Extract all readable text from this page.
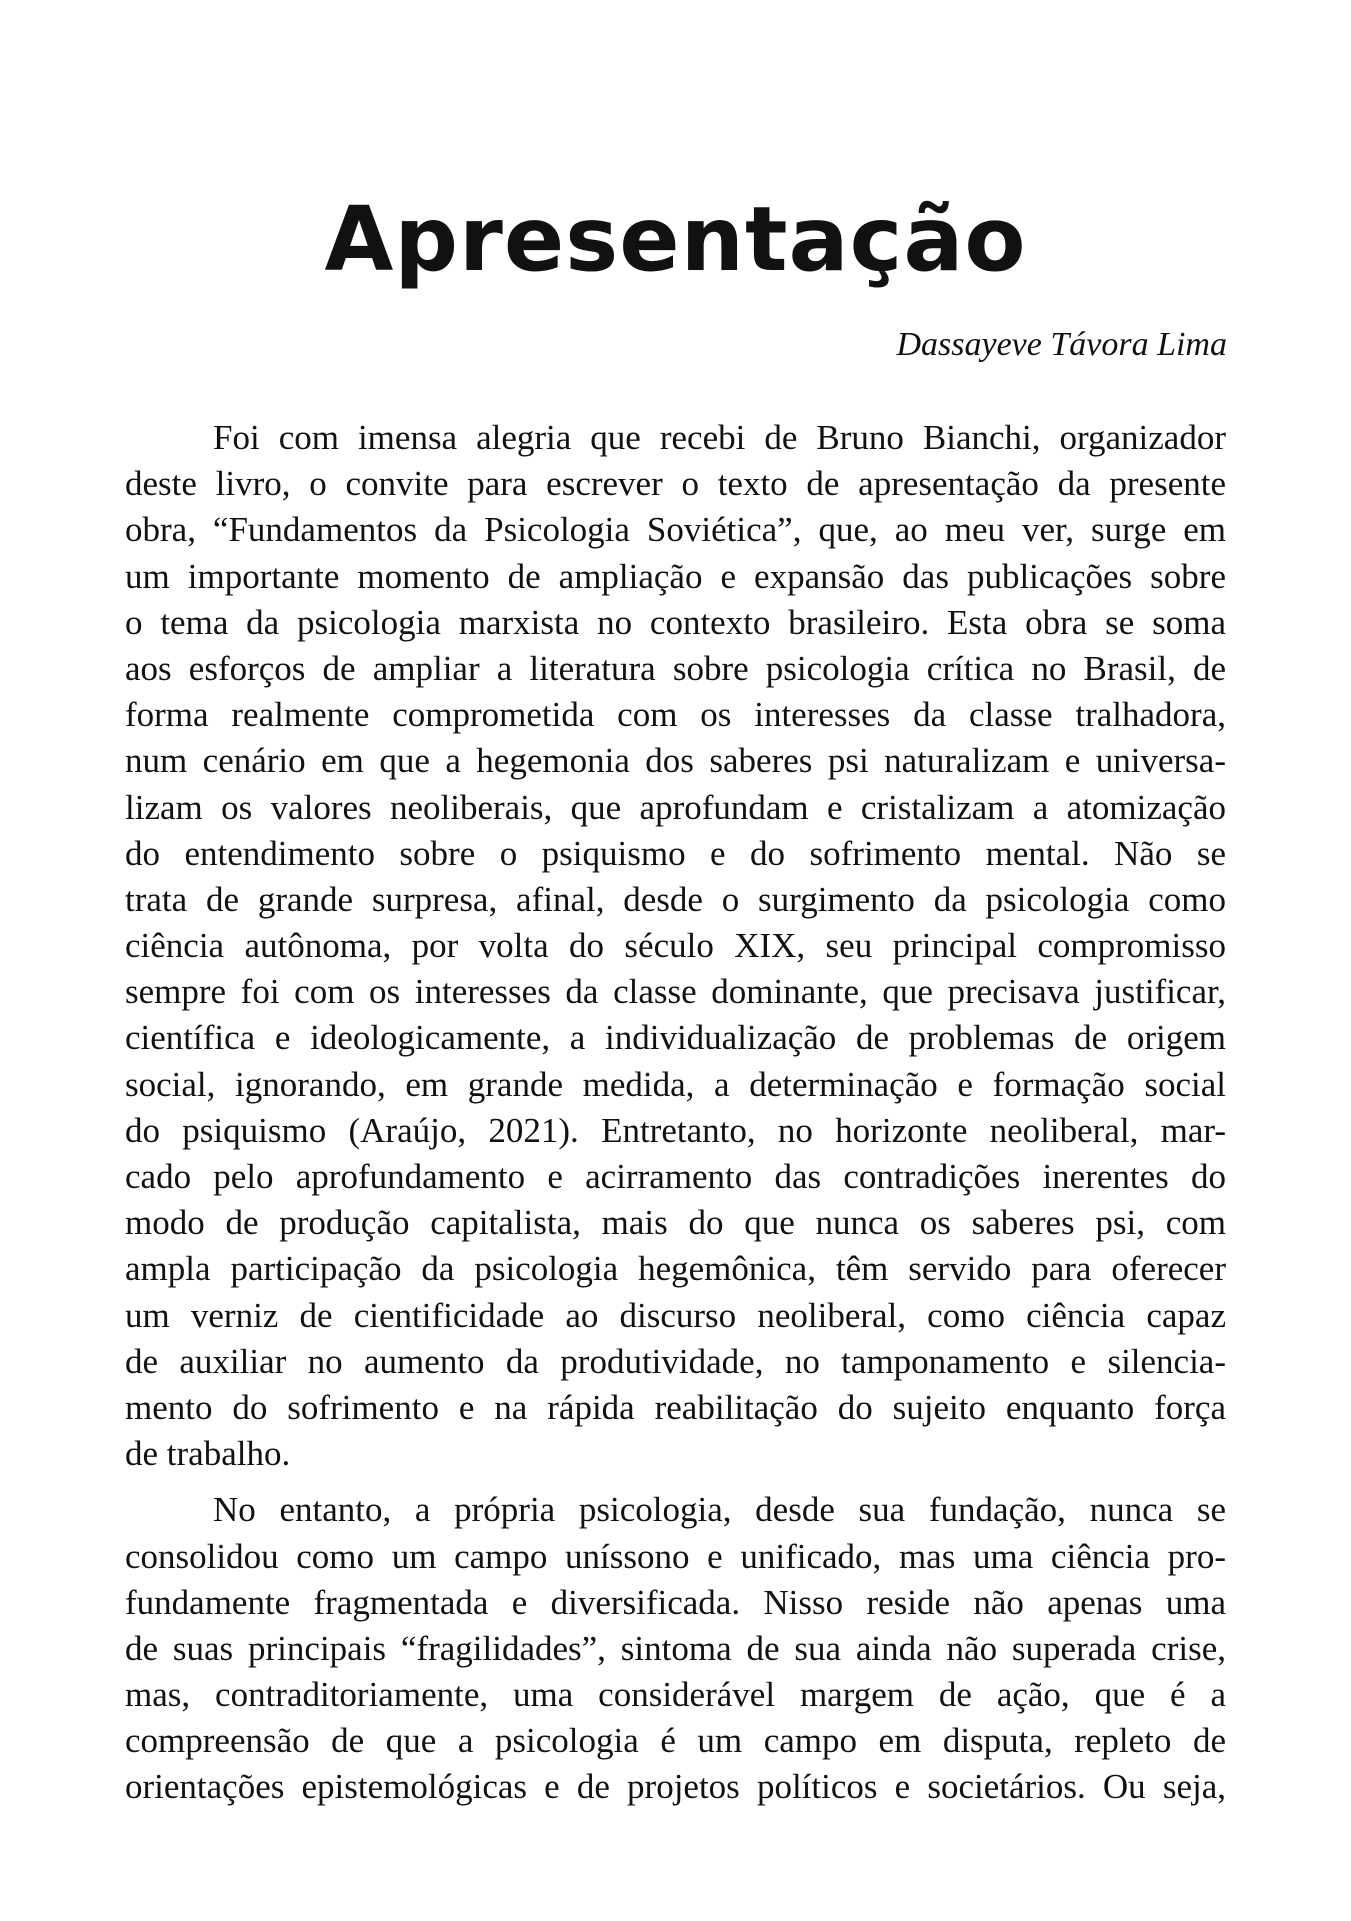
Apresentação

Dassayeve Távora Lima

Foi com imensa alegria que recebi de Bruno Bianchi, organizador
deste livro, o convite para escrever o texto de apresentação da presente
obra, “Fundamentos da Psicologia Soviética”, que, ao meu ver, surge em
um importante momento de ampliação e expansão das publicações sobre
o tema da psicologia marxista no contexto brasileiro. Esta obra se soma
aos esforços de ampliar a literatura sobre psicologia crítica no Brasil, de
forma realmente comprometida com os interesses da classe tralhadora,
num cenário em que a hegemonia dos saberes psi naturalizam e universa-
lizam os valores neoliberais, que aprofundam e cristalizam a atomização
do entendimento sobre o psiquismo e do sofrimento mental. Não se
trata de grande surpresa, afinal, desde o surgimento da psicologia como
ciência autônoma, por volta do século XIX, seu principal compromisso
sempre foi com os interesses da classe dominante, que precisava justificar,
científica e ideologicamente, a individualização de problemas de origem
social, ignorando, em grande medida, a determinação e formação social
do psiquismo (Araújo, 2021). Entretanto, no horizonte neoliberal, mar-
cado pelo aprofundamento e acirramento das contradições inerentes do
modo de produção capitalista, mais do que nunca os saberes psi, com
ampla participação da psicologia hegemônica, têm servido para oferecer
um verniz de cientificidade ao discurso neoliberal, como ciência capaz
de auxiliar no aumento da produtividade, no tamponamento e silencia-
mento do sofrimento e na rápida reabilitação do sujeito enquanto força
de trabalho.
No entanto, a própria psicologia, desde sua fundação, nunca se
consolidou como um campo uníssono e unificado, mas uma ciência pro-
fundamente fragmentada e diversificada. Nisso reside não apenas uma
de suas principais “fragilidades”, sintoma de sua ainda não superada crise,
mas, contraditoriamente, uma considerável margem de ação, que é a
compreensão de que a psicologia é um campo em disputa, repleto de
orientações epistemológicas e de projetos políticos e societários. Ou seja,
